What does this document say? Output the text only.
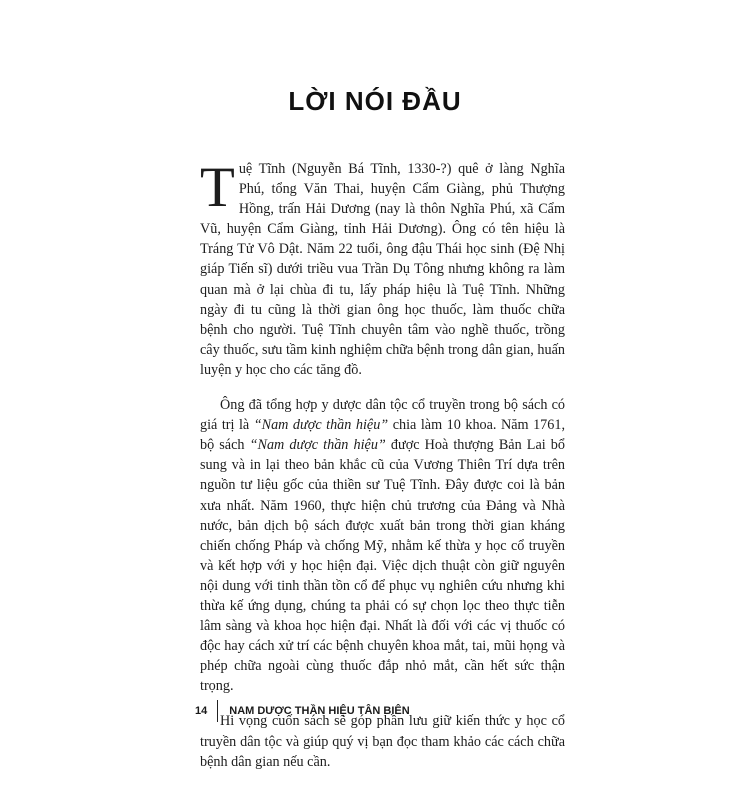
LỜI NÓI ĐẦU

Tuệ Tĩnh (Nguyễn Bá Tĩnh, 1330-?) quê ở làng Nghĩa Phú, tổng Văn Thai, huyện Cẩm Giàng, phủ Thượng Hồng, trấn Hải Dương (nay là thôn Nghĩa Phú, xã Cẩm Vũ, huyện Cẩm Giàng, tỉnh Hải Dương). Ông có tên hiệu là Tráng Tử Vô Dật. Năm 22 tuổi, ông đậu Thái học sinh (Đệ Nhị giáp Tiến sĩ) dưới triều vua Trần Dụ Tông nhưng không ra làm quan mà ở lại chùa đi tu, lấy pháp hiệu là Tuệ Tĩnh. Những ngày đi tu cũng là thời gian ông học thuốc, làm thuốc chữa bệnh cho người. Tuệ Tĩnh chuyên tâm vào nghề thuốc, trồng cây thuốc, sưu tầm kinh nghiệm chữa bệnh trong dân gian, huấn luyện y học cho các tăng đồ.

Ông đã tổng hợp y dược dân tộc cổ truyền trong bộ sách có giá trị là “Nam dược thần hiệu” chia làm 10 khoa. Năm 1761, bộ sách “Nam dược thần hiệu” được Hoà thượng Bản Lai bổ sung và in lại theo bản khắc cũ của Vương Thiên Trí dựa trên nguồn tư liệu gốc của thiền sư Tuệ Tĩnh. Đây được coi là bản xưa nhất. Năm 1960, thực hiện chủ trương của Đảng và Nhà nước, bản dịch bộ sách được xuất bản trong thời gian kháng chiến chống Pháp và chống Mỹ, nhằm kế thừa y học cổ truyền và kết hợp với y học hiện đại. Việc dịch thuật còn giữ nguyên nội dung với tinh thần tồn cổ để phục vụ nghiên cứu nhưng khi thừa kế ứng dụng, chúng ta phải có sự chọn lọc theo thực tiễn lâm sàng và khoa học hiện đại. Nhất là đối với các vị thuốc có độc hay cách xử trí các bệnh chuyên khoa mắt, tai, mũi họng và phép chữa ngoài cùng thuốc đắp nhỏ mắt, cần hết sức thận trọng.

Hi vọng cuốn sách sẽ góp phần lưu giữ kiến thức y học cổ truyền dân tộc và giúp quý vị bạn đọc tham khảo các cách chữa bệnh dân gian nếu cần.

14 NAM DƯỢC THẦN HIỆU TÂN BIÊN
